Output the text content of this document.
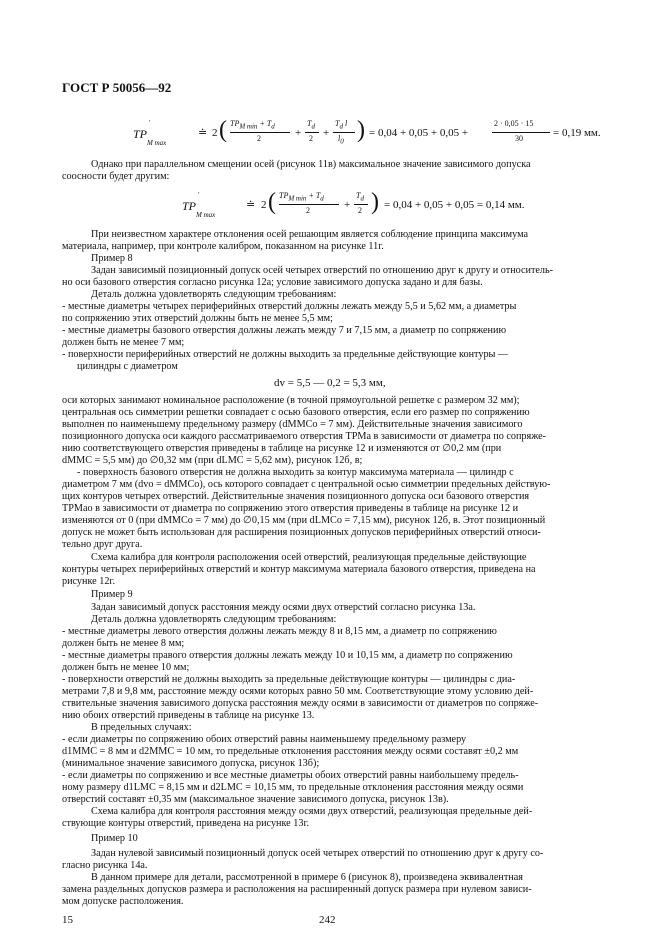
ГОСТ Р 50056—92
$TP_{M max}$
′
≐ 2 ( $TP_{M min} + T_d$
2	+
$T_d$
2 +
$T_d$ l
$l_0$ ) = 0,04 + 0,05 + 0,05 +
2 · 0,05 · 15
30	= 0,19 мм.
Однако при параллельном смещении осей (рисунок 11в) максимальное значение зависимого допуска
соосности будет другим:
$TP_{M max}$
′
≐ 2 ( $TP_{M min} + T_d$
2	+
$T_d$
2 ) = 0,04 + 0,05 + 0,05 = 0,14 мм.
При неизвестном характере отклонения осей решающим является соблюдение принципа максимума
материала, например, при контроле калибром, показанном на рисунке 11г.
Пример 8
Задан зависимый позиционный допуск осей четырех отверстий по отношению друг к другу и относитель-
но оси базового отверстия согласно рисунка 12а; условие зависимого допуска задано и для базы.
Деталь должна удовлетворять следующим требованиям:
- местные диаметры четырех периферийных отверстий должны лежать между 5,5 и 5,62 мм, а диаметры
по сопряжению этих отверстий должны быть не менее 5,5 мм;
- местные диаметры базового отверстия должны лежать между 7 и 7,15 мм, а диаметр по сопряжению
должен быть не менее 7 мм;
- поверхности периферийных отверстий не должны выходить за предельные действующие контуры —
цилиндры с диаметром
dv = 5,5 — 0,2 = 5,3 мм,
оси которых занимают номинальное расположение (в точной прямоугольной решетке с размером 32 мм);
центральная ось симметрии решетки совпадает с осью базового отверстия, если его размер по сопряжению
выполнен по наименьшему предельному размеру (dMMCo = 7 мм). Действительные значения зависимого
позиционного допуска оси каждого рассматриваемого отверстия TPMa в зависимости от диаметра по сопряже-
нию соответствующего отверстия приведены в таблице на рисунке 12 и изменяются от ∅0,2 мм (при
dMMC = 5,5 мм) до ∅0,32 мм (при dLMC = 5,62 мм), рисунок 12б, в;
- поверхность базового отверстия не должна выходить за контур максимума материала — цилиндр с
диаметром 7 мм (dvo = dMMCo), ось которого совпадает с центральной осью симметрии предельных действую-
щих контуров четырех отверстий. Действительные значения позиционного допуска оси базового отверстия
TPMao в зависимости от диаметра по сопряжению этого отверстия приведены в таблице на рисунке 12 и
изменяются от 0 (при dMMCo = 7 мм) до ∅0,15 мм (при dLMCo = 7,15 мм), рисунок 12б, в. Этот позиционный
допуск не может быть использован для расширения позиционных допусков периферийных отверстий относи-
тельно друг друга.
Схема калибра для контроля расположения осей отверстий, реализующая предельные действующие
контуры четырех периферийных отверстий и контур максимума материала базового отверстия, приведена на
рисунке 12г.
Пример 9
Задан зависимый допуск расстояния между осями двух отверстий согласно рисунка 13а.
Деталь должна удовлетворять следующим требованиям:
- местные диаметры левого отверстия должны лежать между 8 и 8,15 мм, а диаметр по сопряжению
должен быть не менее 8 мм;
- местные диаметры правого отверстия должны лежать между 10 и 10,15 мм, а диаметр по сопряжению
должен быть не менее 10 мм;
- поверхности отверстий не должны выходить за предельные действующие контуры — цилиндры с диа-
метрами 7,8 и 9,8 мм, расстояние между осями которых равно 50 мм. Соответствующие этому условию дей-
ствительные значения зависимого допуска расстояния между осями в зависимости от диаметров по сопряже-
нию обоих отверстий приведены в таблице на рисунке 13.
В предельных случаях:
- если диаметры по сопряжению обоих отверстий равны наименьшему предельному размеру
d1MMC = 8 мм и d2MMC = 10 мм, то предельные отклонения расстояния между осями составят ±0,2 мм
(минимальное значение зависимого допуска, рисунок 13б);
- если диаметры по сопряжению и все местные диаметры обоих отверстий равны наибольшему предель-
ному размеру d1LMC = 8,15 мм и d2LMC = 10,15 мм, то предельные отклонения расстояния между осями
отверстий составят ±0,35 мм (максимальное значение зависимого допуска, рисунок 13в).
Схема калибра для контроля расстояния между осями двух отверстий, реализующая предельные дей-
ствующие контуры отверстий, приведена на рисунке 13г.
Пример 10
Задан нулевой зависимый позиционный допуск осей четырех отверстий по отношению друг к другу со-
гласно рисунка 14а.
В данном примере для детали, рассмотренной в примере 6 (рисунок 8), произведена эквивалентная
замена раздельных допусков размера и расположения на расширенный допуск размера при нулевом зависи-
мом допуске расположения.
15	242
